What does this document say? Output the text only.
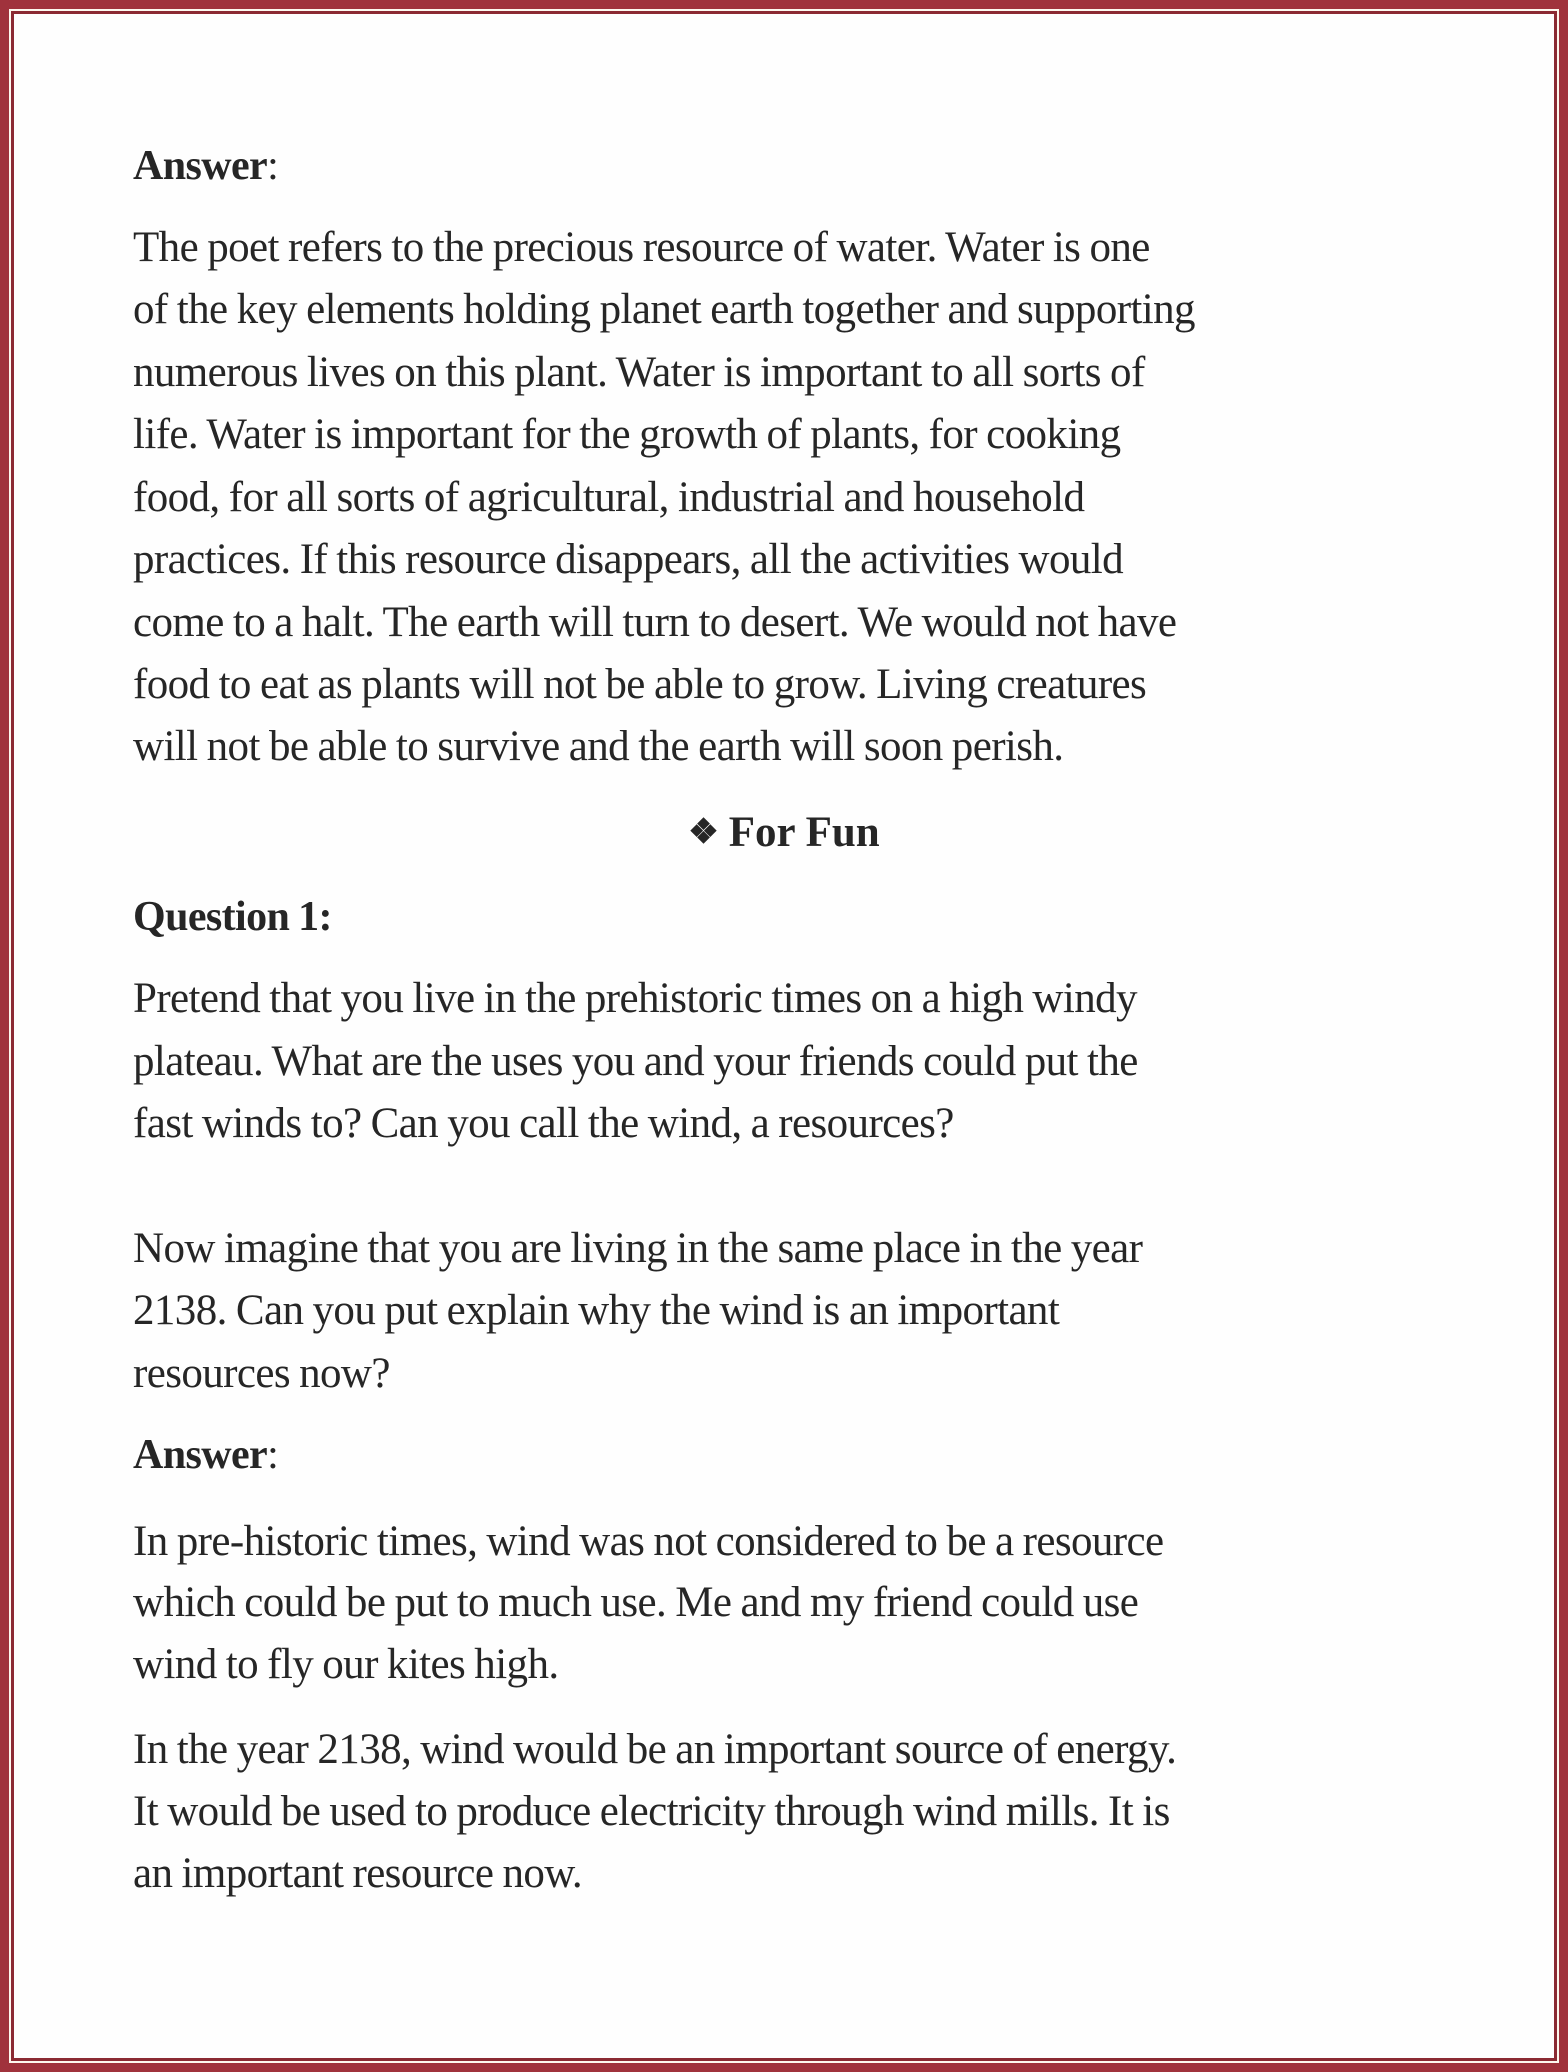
Answer:
The poet refers to the precious resource of water. Water is one
of the key elements holding planet earth together and supporting
numerous lives on this plant. Water is important to all sorts of
life. Water is important for the growth of plants, for cooking
food, for all sorts of agricultural, industrial and household
practices. If this resource disappears, all the activities would
come to a halt. The earth will turn to desert. We would not have
food to eat as plants will not be able to grow. Living creatures
will not be able to survive and the earth will soon perish.
Question 1:
Pretend that you live in the prehistoric times on a high windy
plateau. What are the uses you and your friends could put the
fast winds to? Can you call the wind, a resources?
Now imagine that you are living in the same place in the year
2138. Can you put explain why the wind is an important
resources now?
Answer:
In pre-historic times, wind was not considered to be a resource
which could be put to much use. Me and my friend could use
wind to fly our kites high.
In the year 2138, wind would be an important source of energy.
It would be used to produce electricity through wind mills. It is
an important resource now.
❖ For Fun
